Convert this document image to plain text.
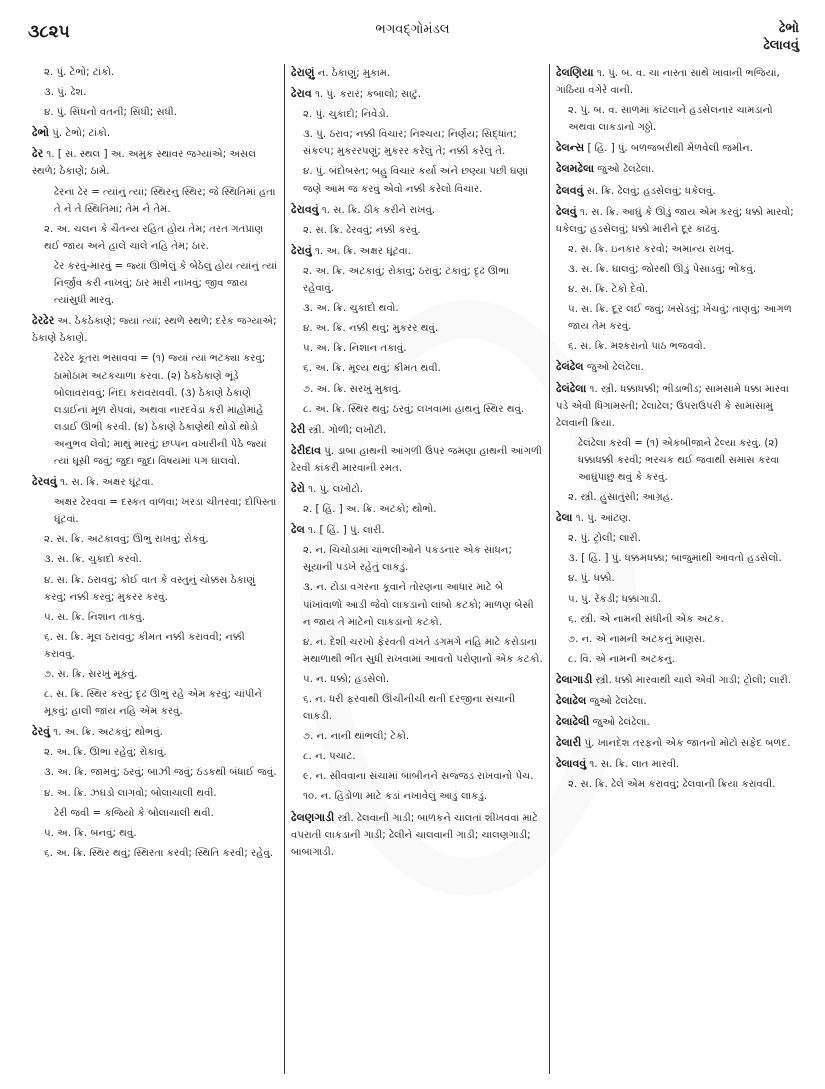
૩૮૨૫	ભગવદ્ગોમંડલ	ઢેભો
ઢેલાવવું
૨. પું. ટેભો; ટાંકો.
૩. પું. ઢેશ.
૪. પું. સિંધનો વતની; સિંધી; સંધી.
ઢેભો પું. ટેભો; ટાંકો.
ઢેર ૧. [ સં. સ્થલ ] અ. અમુક સ્થાવર જગ્યાએ; અસલ સ્થળે; ઠેકાણે; ઠામે.
ઢેરના ઢેર = ત્યાંનું ત્યાં; સ્થિરનું સ્થિર; જે સ્થિતિમાં હતા તે ને તે સ્થિતિમાં; તેમ ને તેમ.
૨. અ. ચલન કે ચૈતન્ય રહિત હોય તેમ; તરત ગતપ્રાણ થઈ જાય અને હાલે ચાલે નહિ તેમ; ઠાર.
ઢેર કરવું-મારવું = જ્યાં ઊભેલું કે બેઠેલું હોય ત્યાંનું ત્યાં નિર્જીવ કરી નાખવું; ઠાર મારી નાખવું; જીવ જાય ત્યાંસુધી મારવું.
ઢેરઢેર અ. ઠેકઠેકાણે; જ્યાં ત્યાં; સ્થળે સ્થળે; દરેક જગ્યાએ; ઠેકાણે ઠેકાણે.
ઢેરઢેર કૂતરાં ભસાવવાં = (૧) જ્યાં ત્યાં ભટક્યા કરવું; ઠામોઠામ અટકચાળા કરવા. (૨) ઠેકઠેકાણે ભૂંડે બોલાવરાવવું; નિંદા કરાવરાવવી. (૩) ઠેકાણે ઠેકાણે લડાઈનાં મૂળ રોપવાં, અથવા નારદવેડા કરી માંહોમાંહે લડાઈ ઊભી કરવી. (૪) ઠેકાણે ઠેકાણેથી થોડો થોડો અનુભવ લેવો; માથું મારવું; છપ્પન વખારીની પેઠે જ્યાં ત્યાં ઘૂસી જવું; જુદા જુદા વિષયમાં પગ ઘાલવો.
ઢેરવવું ૧. સ. ક્રિ. અક્ષર ઘૂંટવા.
અક્ષર ઢેરવવા = દસ્કત વાળવા; ખરડા ચીતરવા; દોપિસ્તાં ઘૂંટવાં.
૨. સ. ક્રિ. અટકાવવું; ઊભું રાખવું; રોકવું.
૩. સ. ક્રિ. ચુકાદો કરવો.
૪. સ. ક્રિ. ઠરાવવું; કોઈ વાત કે વસ્તુનું ચોક્કસ ઠેકાણું કરવું; નક્કી કરવું; મુકરર કરવું.
૫. સ. ક્રિ. નિશાન તાકવું.
૬. સ. ક્રિ. મૂલ ઠરાવવું; કીમત નક્કી કરાવવી; નક્કી કરાવવું.
૭. સ. ક્રિ. સરખું મૂકવું.
૮. સ. ક્રિ. સ્થિર કરવું; દૃઢ ઊભું રહે એમ કરવું; ચાંપીને મૂકવું; હાલી જાય નહિ એમ કરવું.
ઢેરવું ૧. અ. ક્રિ. અટકવું; થોભવું.
૨. અ. ક્રિ. ઊભા રહેવું; રોકાવું.
૩. અ. ક્રિ. જામવું; ઠરવું; બાઝી જવું; ઠંડકથી બંધાઈ જવું.
૪. અ. ક્રિ. ઝઘડો લાગવો; બોલાચાલી થવી.
ઢેરી જવી = કજિયો કે બોલાચાલી થવી.
૫. અ. ક્રિ. બનવું; થવું.
૬. અ. ક્રિ. સ્થિર થવું; સ્થિરતા કરવી; સ્થિતિ કરવી; રહેવું.
ઢેરાણું ન. ઠેકાણું; મુકામ.
ઢેરાવ ૧. પું. કરાર; કબાલો; સાટું.
૨. પું. ચુકાદો; નિવેડો.
૩. પું. ઠરાવ; નક્કી વિચાર; નિશ્ચય; નિર્ણય; સિદ્ધાંત; સંકલ્પ; મુકરરપણું; મુકરર કરેલું તે; નક્કી કરેલું તે.
૪. પું. બંદોબસ્ત; બહુ વિચાર કર્યા અને છણ્યા પછી ઘણાં જણે આમ જ કરવું એવો નક્કી કરેલો વિચાર.
ઢેરાવવું ૧. સ. ક્રિ. ઠીક કરીને રાખવું.
૨. સ. ક્રિ. ઢેરવવું; નક્કી કરવું.
ઢેરાવું ૧. અ. ક્રિ. અક્ષર ઘૂંટવા.
૨. અ. ક્રિ. અટકાવું; રોકાવું; ઠરાવું; ટકાવું; દૃઢ ઊભા રહેવાવું.
૩. અ. ક્રિ. ચુકાદો થવો.
૪. અ. ક્રિ. નક્કી થવું; મુકરર થવું.
૫. અ. ક્રિ. નિશાન તકાવું.
૬. અ. ક્રિ. મૂલ્ય થવું; કીમત થવી.
૭. અ. ક્રિ. સરખું મુકાવું.
૮. અ. ક્રિ. સ્થિર થવું; ઠરવું; લખવામાં હાથનું સ્થિર થવું.
ઢેરી સ્ત્રી. ગોળી; લખોટી.
ઢેરીદાવ પું. ડાબા હાથની આંગળી ઉપર જમણા હાથની આંગળી ઢેરવી કાંકરી મારવાની રમત.
ઢેરો ૧. પું. લખોટો.
૨. [ હિં. ] અ. ક્રિ. અટકો; થોભો.
ઢેલ ૧. [ હિં. ] પું. લારી.
૨. ન. ચિચોડામાં ચાંભલીઓને પકડનાર એક સાધન; સૂયાની પડખે રહેતું લાકડું.
૩. ન. ટોડા વગરના કૂવાને તોરણના આધાર માટે બે પાંખાંવાળો આડી જેવો લાકડાનો લાંબો કટકો; માળણ બેસી ન જાય તે માટેનો લાકડાનો કટકો.
૪. ન. દેશી ચરખો ફેરવતી વખતે ડગમગે નહિ માટે કરોડાના મથાળાથી ભીંત સુધી રાખવામાં આવતો પરોણાનો એક કટકો.
૫. ન. ધક્કો; હડસેલો.
૬. ન. ધરી ફરવાથી ઊંચીનીચી થતી દરજીના સંચાની લાકડી.
૭. ન. નાની થાંભલી; ટેકો.
૮. ન. પચાટ.
૯. ન. સીવવાના સંચામાં બાબીનને સજ્જડ રાખવાનો પેચ.
૧૦. ન. હિંડોળા માટે કડાં નખાવેલું આડું લાકડું.
ઢેલણગાડી સ્ત્રી. ઢેલવાની ગાડી; બાળકને ચાલતાં શીખવવા માટે વપરાતી લાકડાની ગાડી; ઢેલીને ચાલવાની ગાડી; ચાલણગાડી; બાબાગાડી.
ઢેલણિયા ૧. પું. બ. વ. ચા નાસ્તા સાથે ખાવાની ભજિયાં, ગાંઠિયા વગેરે વાની.
૨. પું. બ. વ. સાળમાં કાંટલાને હડસેલનાર ચામડાનો અથવા લાકડાનો ગઠ્ઠો.
ઢેલન્સ [ હિં. ] પું. બળજબરીથી મેળવેલી જમીન.
ઢેલમઢેલા જુઓ ઢેલંઢેલા.
ઢેલવવું સ. ક્રિ. ઢેલવું; હડસેલવું; ધકેલવું.
ઢેલવું ૧. સ. ક્રિ. આઘું કે ઊંડું જાય એમ કરવું; ધક્કો મારવો; ધકેલવું; હડસેલવું; ધક્કો મારીને દૂર કાઢવું.
૨. સ. ક્રિ. ઇનકાર કરવો; અમાન્ય રાખવું.
૩. સ. ક્રિ. ઘાલવું; જોરથી ઊંડું પેસાડવું; ભોંકવું.
૪. સ. ક્રિ. ટેકો દેવો.
૫. સ. ક્રિ. દૂર લઈ જવું; ખસેડવું; ખેંચવું; તાણવું; આગળ જાય તેમ કરવું.
૬. સ. ક્રિ. મશ્કરાનો પાઠ ભજવવો.
ઢેલંઢેલ જુઓ ઢેલંઢેલા.
ઢેલંઢેલા ૧. સ્ત્રી. ધક્કાધક્કી; ભીડાભીડ; સામસામે ધક્કા મારવા પડે એવી ધિંગામસ્તી; ઢેલાઢેલ; ઉપરાઉપરી કે સામાસામું ઢેલવાની ક્રિયા.
ઢેલંઢેલા કરવી = (૧) એકબીજાને ઢેલ્યા કરવું. (૨) ધક્કાધક્કી કરવી; ભરચક થઈ જવાથી સમાસ કરવા આઘુંપાછું થવું કે કરવું.
૨. સ્ત્રી. હુંસાતુંસી; આગ્રહ.
ઢેલા ૧. પું. આંટણ.
૨. પું. ટ્રોલી; લારી.
૩. [ હિં. ] પું. ધક્કમધક્કા; બાજુમાંથી આવતો હડસેલો.
૪. પું. ધક્કો.
૫. પું. રેંકડી; ધક્કાગાડી.
૬. સ્ત્રી. એ નામની સંધીની એક અટક.
૭. ન. એ નામની અટકનું માણસ.
૮. વિ. એ નામની અટકનું.
ઢેલાગાડી સ્ત્રી. ધક્કો મારવાથી ચાલે એવી ગાડી; ટ્રોલી; લારી.
ઢેલાઢેલ જુઓ ઢેલંઢેલા.
ઢેલાઢેલી જુઓ ઢેલંઢેલા.
ઢેલારી પું. ખાનદેશ તરફનો એક જાતનો મોટો સફેદ બળદ.
ઢેલાવવું ૧. સ. ક્રિ. લાત મારવી.
૨. સ. ક્રિ. ઢેલે એમ કરાવવું; ઢેલવાની ક્રિયા કરાવવી.
